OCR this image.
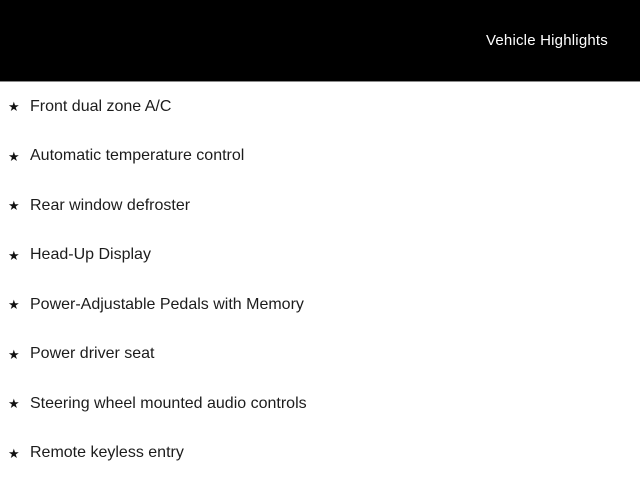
Vehicle Highlights
★ Front dual zone A/C
★ Automatic temperature control
★ Rear window defroster
★ Head-Up Display
★ Power-Adjustable Pedals with Memory
★ Power driver seat
★ Steering wheel mounted audio controls
★ Remote keyless entry
